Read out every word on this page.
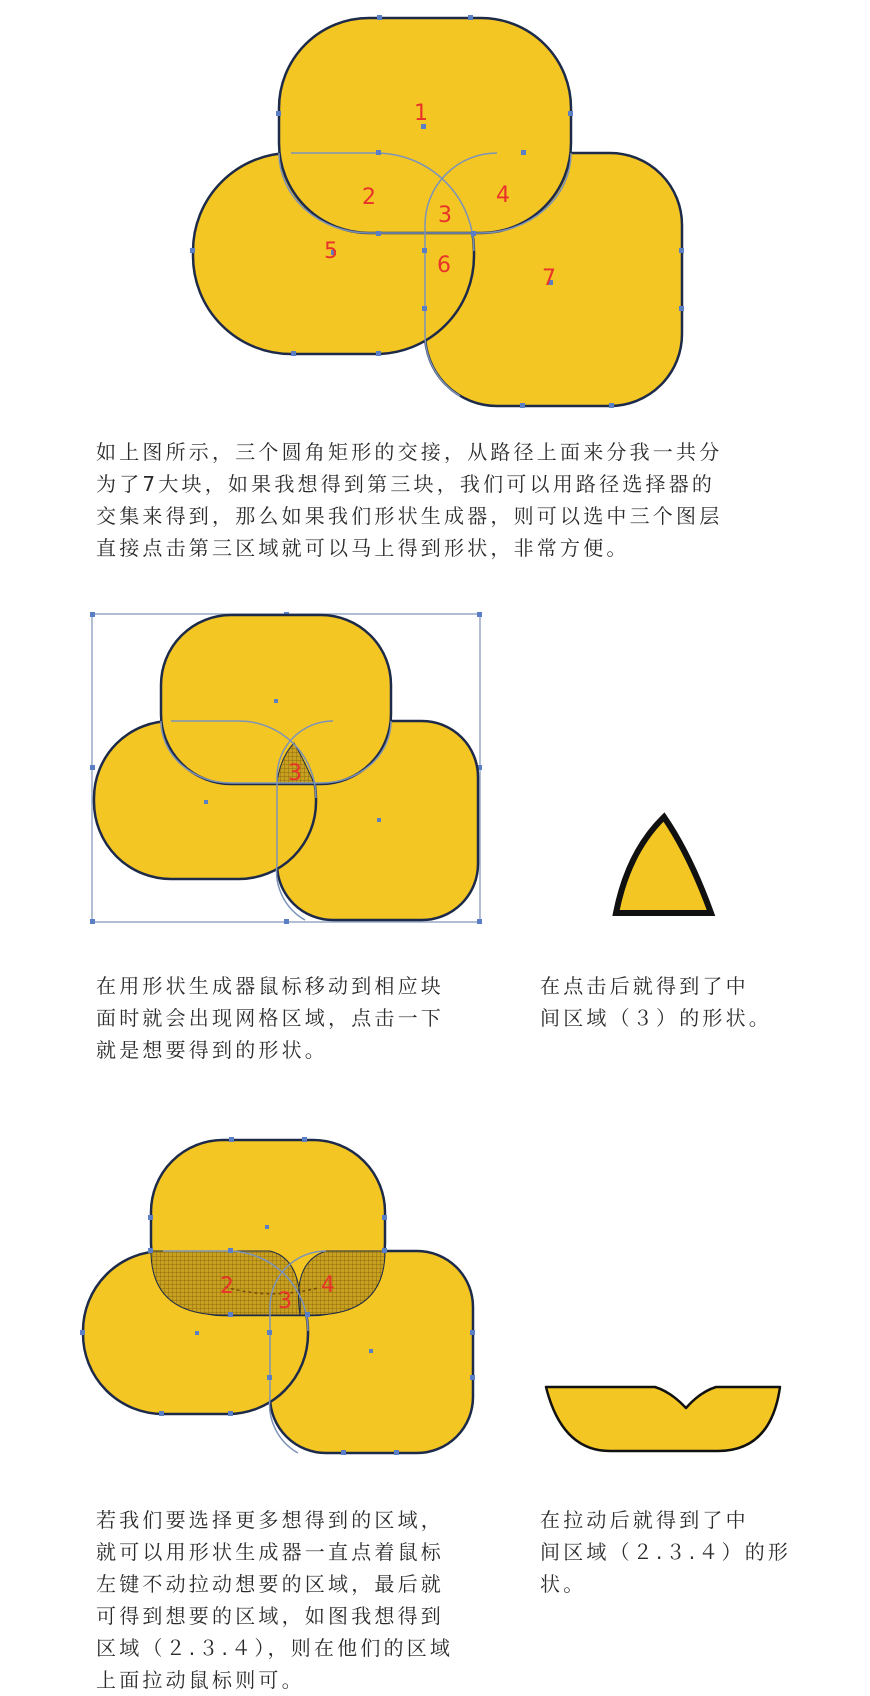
1
2
3
4
5
6
7
如上图所示，三个圆角矩形的交接，从路径上面来分我一共分
为了7大块，如果我想得到第三块，我们可以用路径选择器的
交集来得到，那么如果我们形状生成器，则可以选中三个图层
直接点击第三区域就可以马上得到形状，非常方便。
3
在用形状生成器鼠标移动到相应块
面时就会出现网格区域，点击一下
就是想要得到的形状。
在点击后就得到了中
间区域（３）的形状。
2
3
4
若我们要选择更多想得到的区域，
就可以用形状生成器一直点着鼠标
左键不动拉动想要的区域，最后就
可得到想要的区域，如图我想得到
区域（２.３.４），则在他们的区域
上面拉动鼠标则可。
在拉动后就得到了中
间区域（２.３.４）的形
状。
